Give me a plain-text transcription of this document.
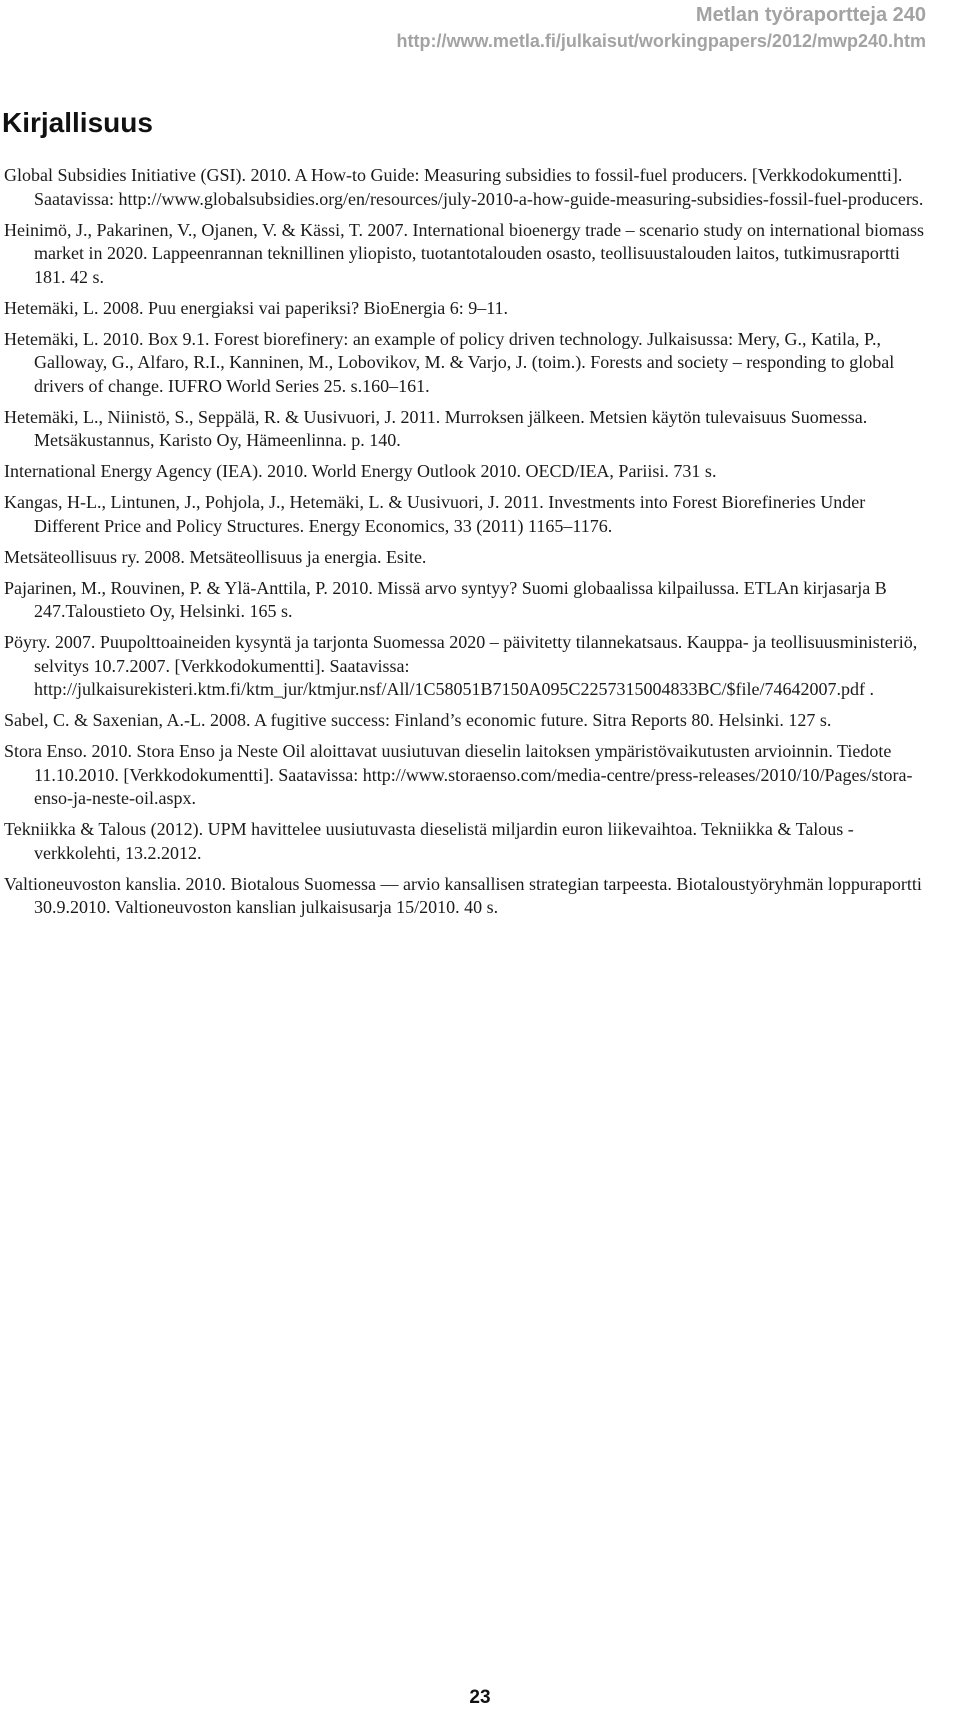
Metlan työraportteja 240
http://www.metla.fi/julkaisut/workingpapers/2012/mwp240.htm
Kirjallisuus
Global Subsidies Initiative (GSI). 2010. A How-to Guide: Measuring subsidies to fossil-fuel producers. [Verkkodokumentti]. Saatavissa: http://www.globalsubsidies.org/en/resources/july-2010-a-how-guide-measuring-subsidies-fossil-fuel-producers.
Heinimö, J., Pakarinen, V., Ojanen, V. & Kässi, T. 2007. International bioenergy trade – scenario study on international biomass market in 2020. Lappeenrannan teknillinen yliopisto, tuotantotalouden osasto, teollisuustalouden laitos, tutkimusraportti 181. 42 s.
Hetemäki, L. 2008. Puu energiaksi vai paperiksi? BioEnergia 6: 9–11.
Hetemäki, L. 2010. Box 9.1. Forest biorefinery: an example of policy driven technology. Julkaisussa: Mery, G., Katila, P., Galloway, G., Alfaro, R.I., Kanninen, M., Lobovikov, M. & Varjo, J. (toim.). Forests and society – responding to global drivers of change. IUFRO World Series 25. s.160–161.
Hetemäki, L., Niinistö, S., Seppälä, R. & Uusivuori, J. 2011. Murroksen jälkeen. Metsien käytön tulevaisuus Suomessa. Metsäkustannus, Karisto Oy, Hämeenlinna. p. 140.
International Energy Agency (IEA). 2010. World Energy Outlook 2010. OECD/IEA, Pariisi. 731 s.
Kangas, H-L., Lintunen, J., Pohjola, J., Hetemäki, L. & Uusivuori, J. 2011. Investments into Forest Biorefineries Under Different Price and Policy Structures. Energy Economics, 33 (2011) 1165–1176.
Metsäteollisuus ry. 2008. Metsäteollisuus ja energia. Esite.
Pajarinen, M., Rouvinen, P. & Ylä-Anttila, P. 2010. Missä arvo syntyy? Suomi globaalissa kilpailussa. ETLAn kirjasarja B 247.Taloustieto Oy, Helsinki. 165 s.
Pöyry. 2007. Puupolttoaineiden kysyntä ja tarjonta Suomessa 2020 – päivitetty tilannekatsaus. Kauppa- ja teollisuusministeriö, selvitys 10.7.2007. [Verkkodokumentti]. Saatavissa: http://julkaisurekisteri.ktm.fi/ktm_jur/ktmjur.nsf/All/1C58051B7150A095C2257315004833BC/$file/74642007.pdf .
Sabel, C. & Saxenian, A.-L. 2008. A fugitive success: Finland’s economic future. Sitra Reports 80. Helsinki. 127 s.
Stora Enso. 2010. Stora Enso ja Neste Oil aloittavat uusiutuvan dieselin laitoksen ympäristövaikutusten arvioinnin. Tiedote 11.10.2010. [Verkkodokumentti]. Saatavissa: http://www.storaenso.com/media-centre/press-releases/2010/10/Pages/stora-enso-ja-neste-oil.aspx.
Tekniikka & Talous (2012). UPM havittelee uusiutuvasta dieselistä miljardin euron liikevaihtoa. Tekniikka & Talous -verkkolehti, 13.2.2012.
Valtioneuvoston kanslia. 2010. Biotalous Suomessa — arvio kansallisen strategian tarpeesta. Biotaloustyöryhmän loppuraportti 30.9.2010. Valtioneuvoston kanslian julkaisusarja 15/2010. 40 s.
23
